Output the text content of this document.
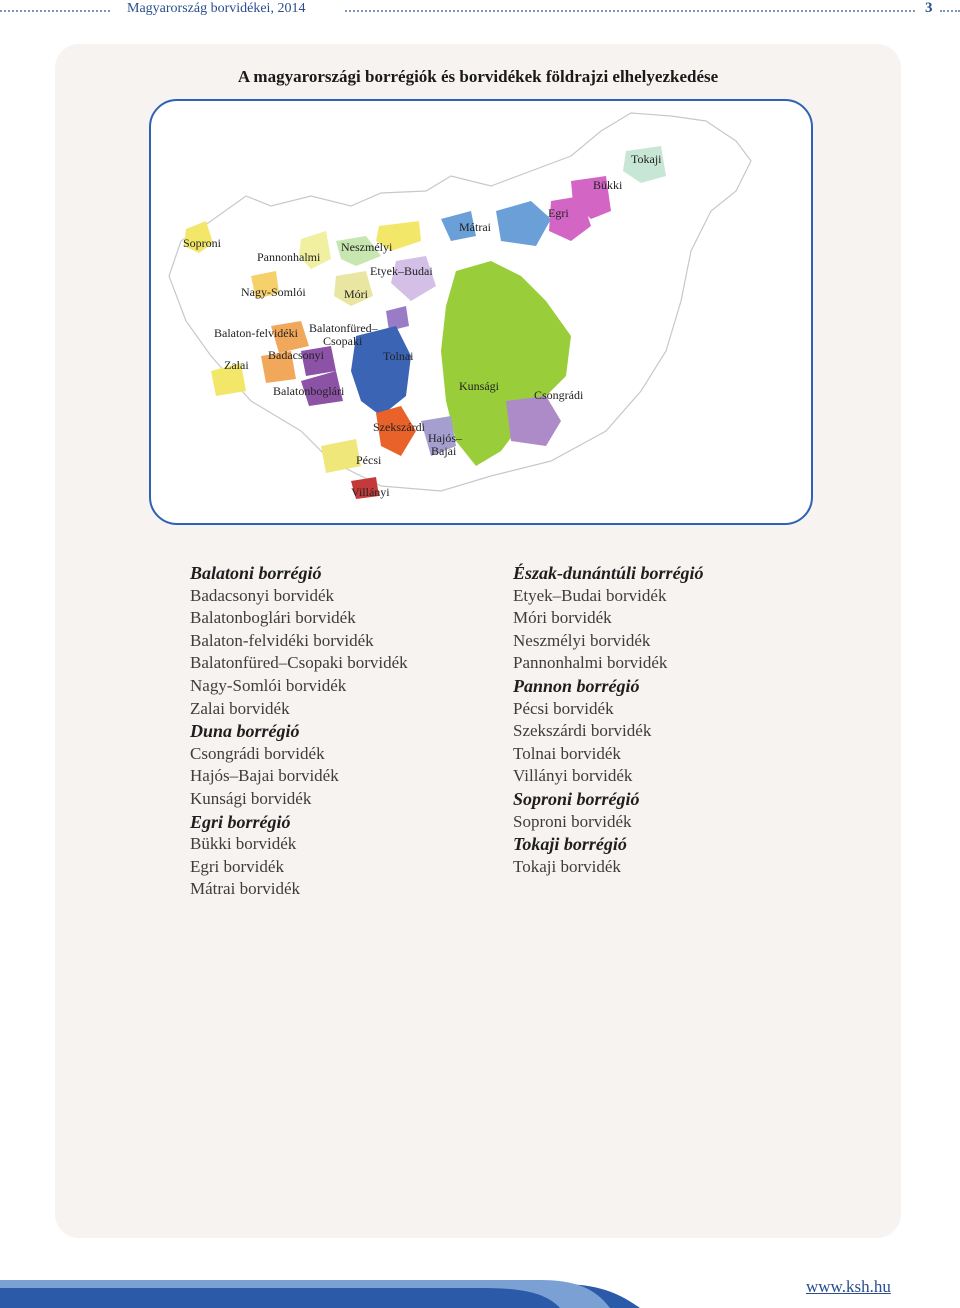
Magyarország borvidékei, 2014	3
A magyarországi borrégiók és borvidékek földrajzi elhelyezkedése
Soproni
Pannonhalmi
Neszmélyi
Etyek–Budai
Nagy-Somlói	Móri
Mátrai
Egri
Bükki
Tokaji
Balaton-felvidéki Balatonfüred–
Csopaki
Badacsonyi
Zalai
Tolnai
Balatonboglári	Kunsági
Csongrádi
Szekszárdi
Hajós–
Bajai
Pécsi
Villányi
Balatoni borrégió
Badacsonyi borvidék
Balatonboglári borvidék
Balaton-felvidéki borvidék
Balatonfüred–Csopaki borvidék
Nagy-Somlói borvidék
Zalai borvidék
Duna borrégió
Csongrádi borvidék
Hajós–Bajai borvidék
Kunsági borvidék
Egri borrégió
Bükki borvidék
Egri borvidék
Mátrai borvidék
Észak-dunántúli borrégió
Etyek–Budai borvidék
Móri borvidék
Neszmélyi borvidék
Pannonhalmi borvidék
Pannon borrégió
Pécsi borvidék
Szekszárdi borvidék
Tolnai borvidék
Villányi borvidék
Soproni borrégió
Soproni borvidék
Tokaji borrégió
Tokaji borvidék
www.ksh.hu
